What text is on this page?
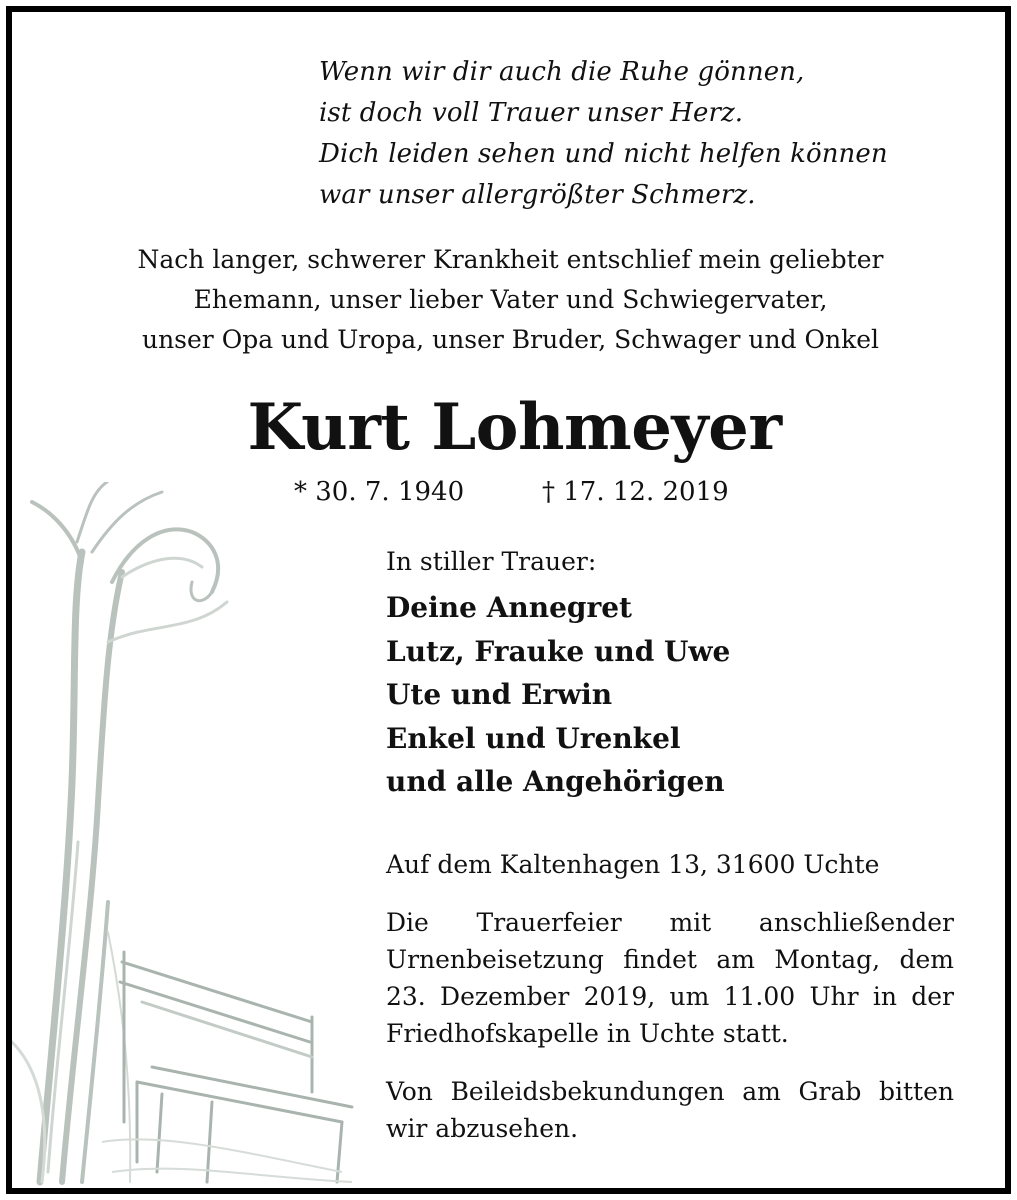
Wenn wir dir auch die Ruhe gönnen,
ist doch voll Trauer unser Herz.
Dich leiden sehen und nicht helfen können
war unser allergrößter Schmerz.
Nach langer, schwerer Krankheit entschlief mein geliebter
Ehemann, unser lieber Vater und Schwiegervater,
unser Opa und Uropa, unser Bruder, Schwager und Onkel
Kurt Lohmeyer
* 30. 7. 1940	† 17. 12. 2019
In stiller Trauer:
Deine Annegret
Lutz, Frauke und Uwe
Ute und Erwin
Enkel und Urenkel
und alle Angehörigen
Auf dem Kaltenhagen 13, 31600 Uchte

Die Trauerfeier mit anschließender Urnenbeisetzung findet am Montag, dem 23. Dezember 2019, um 11.00 Uhr in der Friedhofskapelle in Uchte statt.

Von Beileidsbekundungen am Grab bitten wir abzusehen.
